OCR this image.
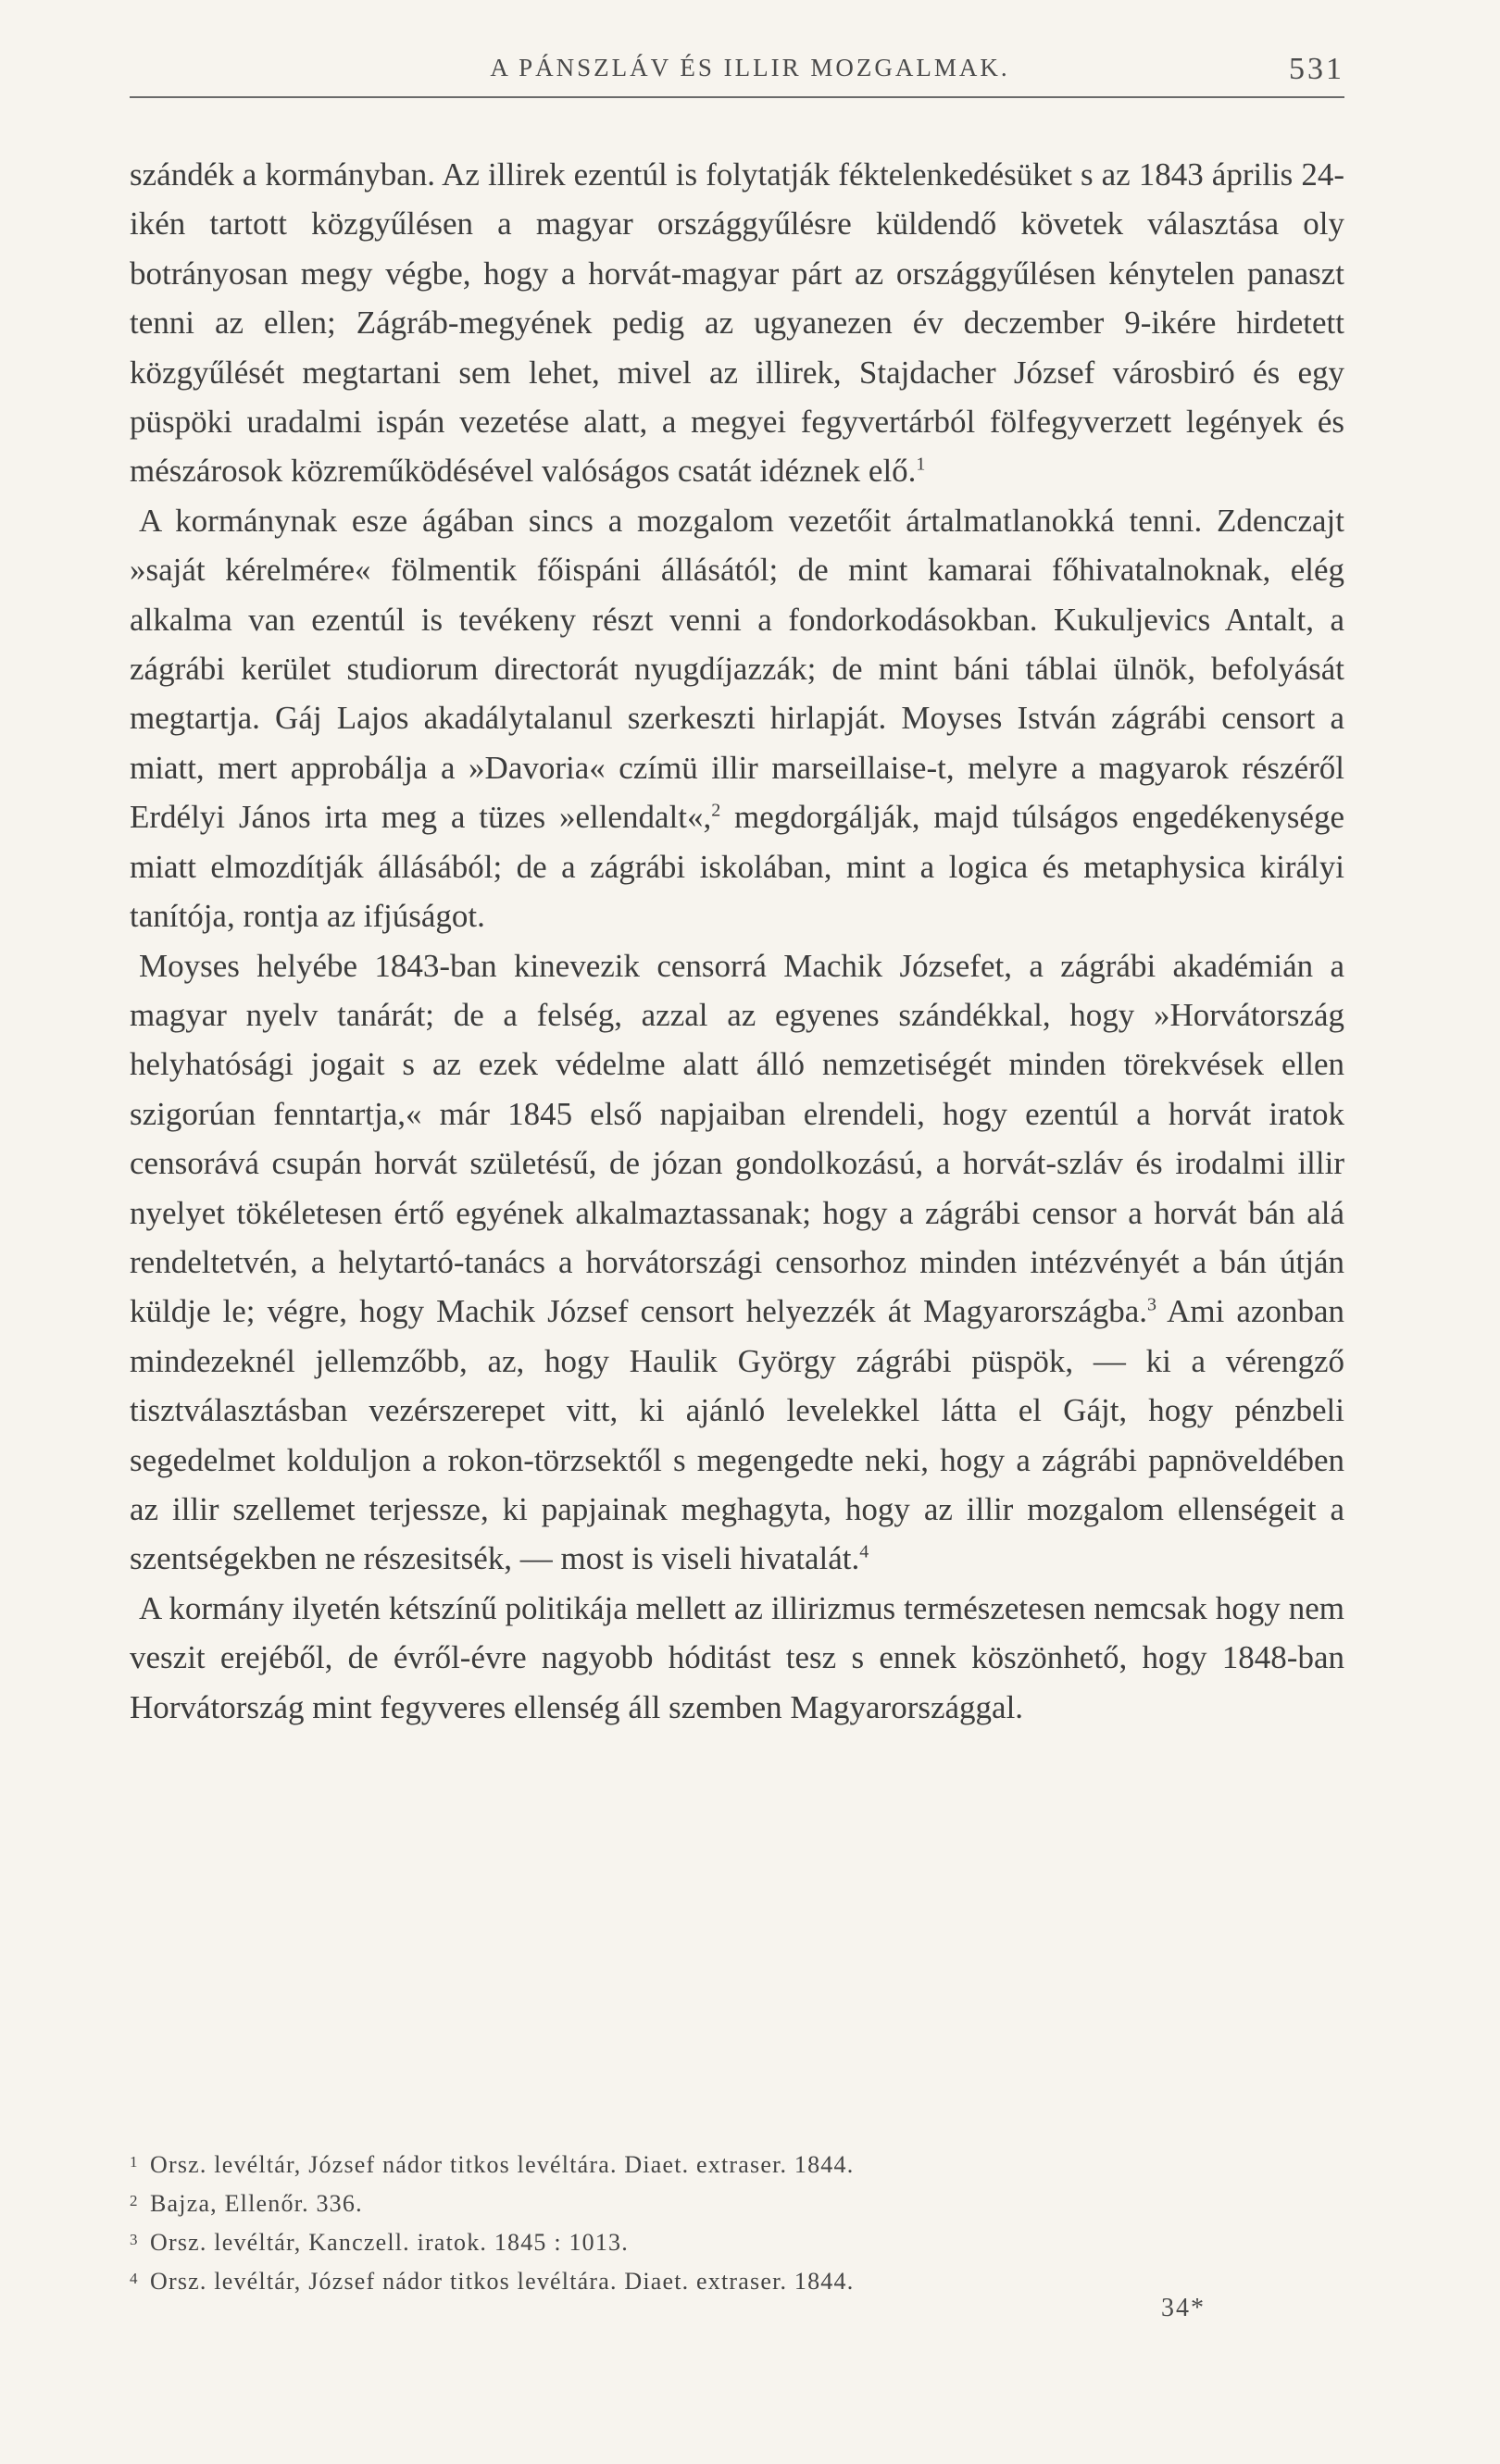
A PÁNSZLÁV ÉS ILLIR MOZGALMAK.	531

szándék a kormányban. Az illirek ezentúl is folytatják féktelenkedésüket s az 1843 április 24-ikén tartott közgyűlésen a magyar országgyűlésre küldendő követek választása oly botrányosan megy végbe, hogy a horvát-magyar párt az országgyűlésen kénytelen panaszt tenni az ellen; Zágráb-megyének pedig az ugyanezen év deczember 9-ikére hirdetett közgyűlését megtartani sem lehet, mivel az illirek, Stajdacher József városbiró és egy püspöki uradalmi ispán vezetése alatt, a megyei fegyvertárból fölfegyverzett legények és mészárosok közreműködésével valóságos csatát idéznek elő.$^1$

A kormánynak esze ágában sincs a mozgalom vezetőit ártalmatlanokká tenni. Zdenczajt »saját kérelmére« fölmentik főispáni állásától; de mint kamarai főhivatalnoknak, elég alkalma van ezentúl is tevékeny részt venni a fondorkodásokban. Kukuljevics Antalt, a zágrábi kerület studiorum directorát nyugdíjazzák; de mint báni táblai ülnök, befolyását megtartja. Gáj Lajos akadálytalanul szerkeszti hirlapját. Moyses István zágrábi censort a miatt, mert approbálja a »Davoria« czímü illir marseillaise-t, melyre a magyarok részéről Erdélyi János irta meg a tüzes »ellendalt«,$^2$ megdorgálják, majd túlságos engedékenysége miatt elmozdítják állásából; de a zágrábi iskolában, mint a logica és metaphysica királyi tanítója, rontja az ifjúságot.

Moyses helyébe 1843-ban kinevezik censorrá Machik Józsefet, a zágrábi akadémián a magyar nyelv tanárát; de a felség, azzal az egyenes szándékkal, hogy »Horvátország helyhatósági jogait s az ezek védelme alatt álló nemzetiségét minden törekvések ellen szigorúan fenntartja,« már 1845 első napjaiban elrendeli, hogy ezentúl a horvát iratok censorává csupán horvát születésű, de józan gondolkozású, a horvát-szláv és irodalmi illir nyelyet tökéletesen értő egyének alkalmaztassanak; hogy a zágrábi censor a horvát bán alá rendeltetvén, a helytartó-tanács a horvátországi censorhoz minden intézvényét a bán útján küldje le; végre, hogy Machik József censort helyezzék át Magyarországba.$^3$ Ami azonban mindezeknél jellemzőbb, az, hogy Haulik György zágrábi püspök, — ki a vérengző tisztválasztásban vezérszerepet vitt, ki ajánló levelekkel látta el Gájt, hogy pénzbeli segedelmet kolduljon a rokon-törzsektől s megengedte neki, hogy a zágrábi papnöveldében az illir szellemet terjessze, ki papjainak meghagyta, hogy az illir mozgalom ellenségeit a szentségekben ne részesitsék, — most is viseli hivatalát.$^4$

A kormány ilyetén kétszínű politikája mellett az illirizmus természetesen nemcsak hogy nem veszit erejéből, de évről-évre nagyobb hóditást tesz s ennek köszönhető, hogy 1848-ban Horvátország mint fegyveres ellenség áll szemben Magyarországgal.

1 Orsz. levéltár, József nádor titkos levéltára. Diaet. extraser. 1844.
2 Bajza, Ellenőr. 336.
3 Orsz. levéltár, Kanczell. iratok. 1845 : 1013.
4 Orsz. levéltár, József nádor titkos levéltára. Diaet. extraser. 1844.
34*
